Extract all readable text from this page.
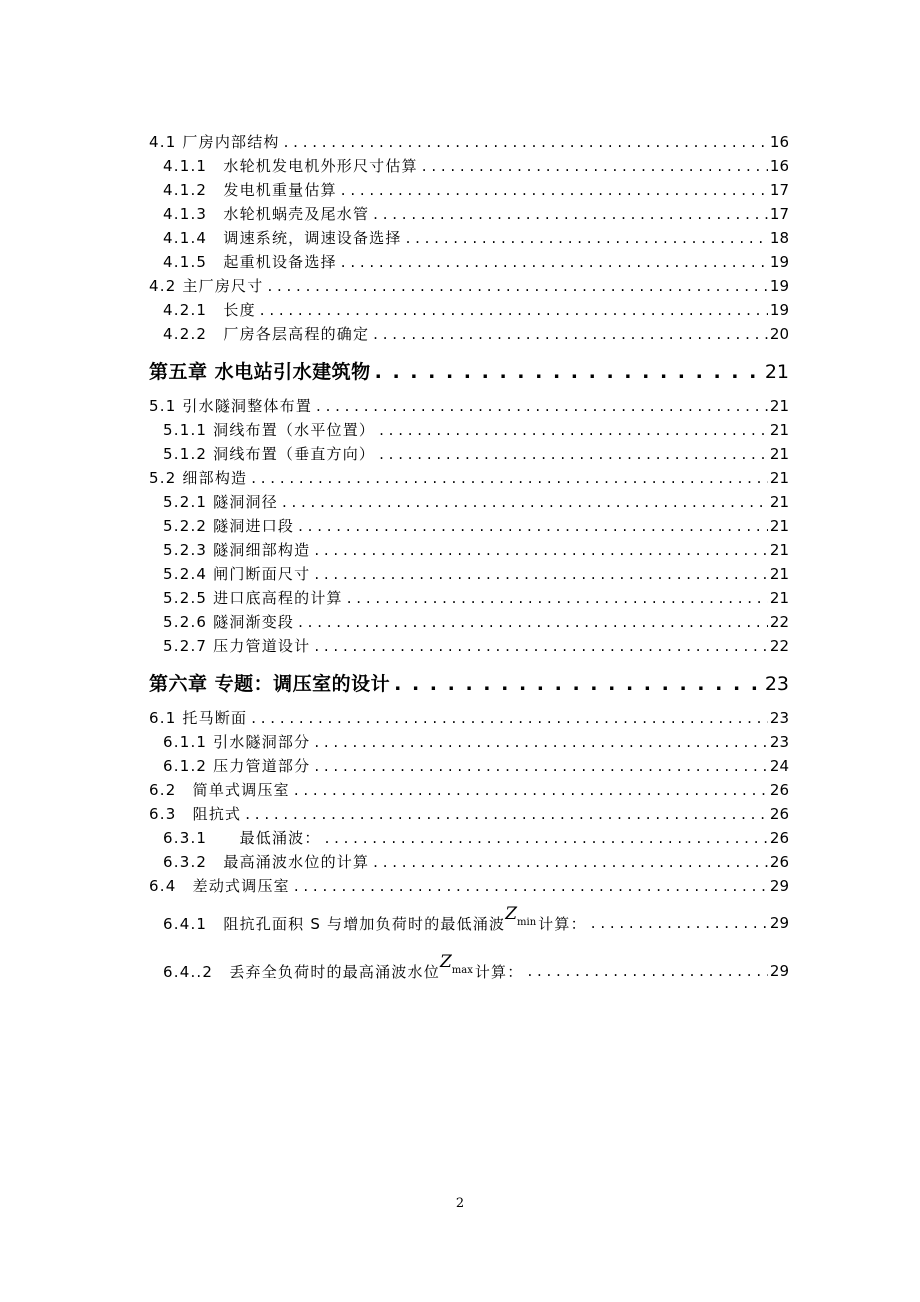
4.1 厂房内部结构 . . .	16
4.1.1　水轮机发电机外形尺寸估算 . . .	16
4.1.2　发电机重量估算 . . .	17
4.1.3　水轮机蜗壳及尾水管 . . .	17
4.1.4　调速系统，调速设备选择 . . .	18
4.1.5　起重机设备选择 . . .	19
4.2 主厂房尺寸 . . .	19
4.2.1　长度 . . .	19
4.2.2　厂房各层高程的确定 . . .	20
第五章 水电站引水建筑物 . . .	21
5.1 引水隧洞整体布置 . . .	21
5.1.1 洞线布置（水平位置） . . .	21
5.1.2 洞线布置（垂直方向） . . .	21
5.2 细部构造 . . .	21
5.2.1 隧洞洞径 . . .	21
5.2.2 隧洞进口段 . . .	21
5.2.3 隧洞细部构造 . . .	21
5.2.4 闸门断面尺寸 . . .	21
5.2.5 进口底高程的计算 . . .	21
5.2.6 隧洞渐变段 . . .	22
5.2.7 压力管道设计 . . .	22
第六章 专题：调压室的设计 . . .	23
6.1 托马断面 . . .	23
6.1.1 引水隧洞部分 . . .	23
6.1.2 压力管道部分 . . .	24
6.2　简单式调压室 . . .	26
6.3　阻抗式 . . .	26
6.3.1　　最低涌波： . . .	26
6.3.2　最高涌波水位的计算 . . .	26
6.4　差动式调压室 . . .	29
6.4.1　阻抗孔面积 S 与增加负荷时的最低涌波 Z min 计算： . . .	29
6.4..2　丢弃全负荷时的最高涌波水位 Z max 计算： . . .	29
2
